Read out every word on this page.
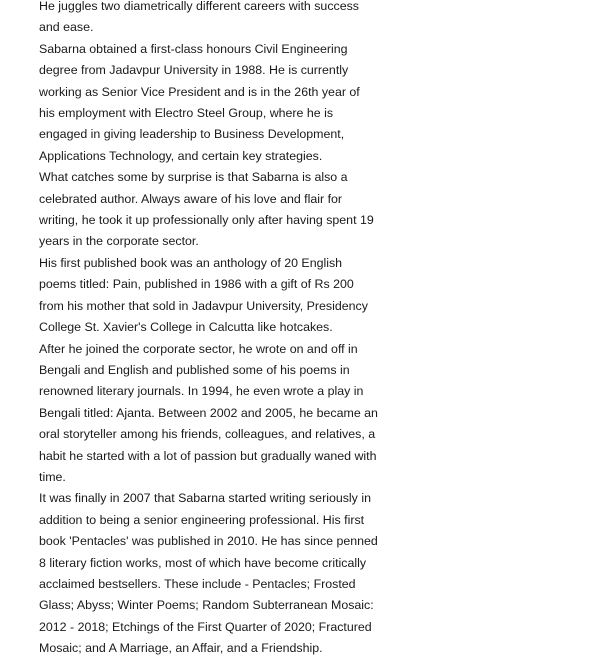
He juggles two diametrically different careers with success and ease.

Sabarna obtained a first-class honours Civil Engineering degree from Jadavpur University in 1988. He is currently working as Senior Vice President and is in the 26th year of his employment with Electro Steel Group, where he is engaged in giving leadership to Business Development, Applications Technology, and certain key strategies.

What catches some by surprise is that Sabarna is also a celebrated author. Always aware of his love and flair for writing, he took it up professionally only after having spent 19 years in the corporate sector.

His first published book was an anthology of 20 English poems titled: Pain, published in 1986 with a gift of Rs 200 from his mother that sold in Jadavpur University, Presidency College St. Xavier's College in Calcutta like hotcakes.

After he joined the corporate sector, he wrote on and off in Bengali and English and published some of his poems in renowned literary journals. In 1994, he even wrote a play in Bengali titled: Ajanta. Between 2002 and 2005, he became an oral storyteller among his friends, colleagues, and relatives, a habit he started with a lot of passion but gradually waned with time.

It was finally in 2007 that Sabarna started writing seriously in addition to being a senior engineering professional. His first book 'Pentacles' was published in 2010. He has since penned 8 literary fiction works, most of which have become critically acclaimed bestsellers. These include - Pentacles; Frosted Glass; Abyss; Winter Poems; Random Subterranean Mosaic: 2012 - 2018; Etchings of the First Quarter of 2020; Fractured Mosaic; and A Marriage, an Affair, and a Friendship.
